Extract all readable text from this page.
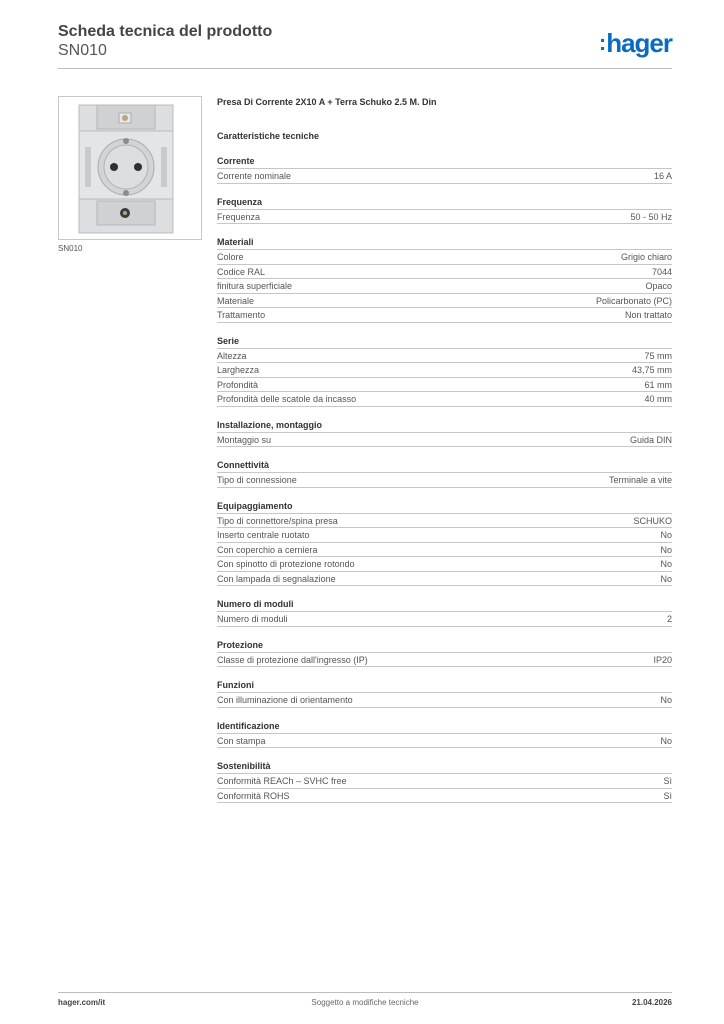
Scheda tecnica del prodotto
SN010	:hager
SN010
Presa Di Corrente 2X10 A + Terra Schuko 2.5 M. Din
Caratteristiche tecniche
Corrente
Corrente nominale	16 A
Frequenza
Frequenza	50 - 50 Hz
Materiali
Colore	Grigio chiaro
Codice RAL	7044
finitura superficiale	Opaco
Materiale	Policarbonato (PC)
Trattamento	Non trattato
Serie
Altezza	75 mm
Larghezza	43,75 mm
Profondità	61 mm
Profondità delle scatole da incasso	40 mm
Installazione, montaggio
Montaggio su	Guida DIN
Connettività
Tipo di connessione	Terminale a vite
Equipaggiamento
Tipo di connettore/spina presa	SCHUKO
Inserto centrale ruotato	No
Con coperchio a cerniera	No
Con spinotto di protezione rotondo	No
Con lampada di segnalazione	No
Numero di moduli
Numero di moduli	2
Protezione
Classe di protezione dall'ingresso (IP)	IP20
Funzioni
Con illuminazione di orientamento	No
Identificazione
Con stampa	No
Sostenibilità
Conformità REACh – SVHC free	Sì
Conformità ROHS	Sì
hager.com/it	Soggetto a modifiche tecniche	21.04.2026
